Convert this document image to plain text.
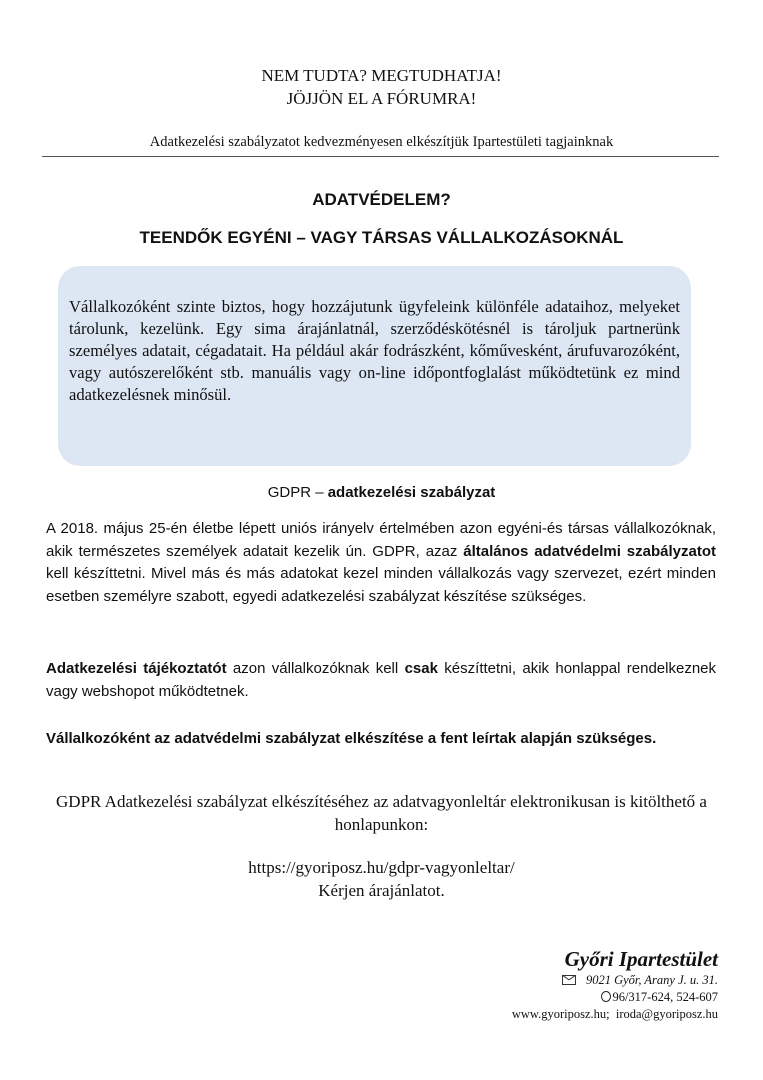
NEM TUDTA? MEGTUDHATJA!
JÖJJÖN EL A FÓRUMRA!
Adatkezelési szabályzatot kedvezményesen elkészítjük Ipartestületi tagjainknak
ADATVÉDELEM?
TEENDŐK EGYÉNI – VAGY TÁRSAS VÁLLALKOZÁSOKNÁL

Vállalkozóként szinte biztos, hogy hozzájutunk ügyfeleink különféle adataihoz, melyeket tárolunk, kezelünk. Egy sima árajánlatnál, szerződéskötésnél is tároljuk partnerünk személyes adatait, cégadatait. Ha például akár fodrászként, kőművesként, árufuvarozóként, vagy autószerelőként stb. manuális vagy on-line időpontfoglalást működtetünk ez mind adatkezelésnek minősül.

GDPR – adatkezelési szabályzat

A 2018. május 25-én életbe lépett uniós irányelv értelmében azon egyéni-és társas vállalkozóknak, akik természetes személyek adatait kezelik ún. GDPR, azaz általános adatvédelmi szabályzatot kell készíttetni. Mivel más és más adatokat kezel minden vállalkozás vagy szervezet, ezért minden esetben személyre szabott, egyedi adatkezelési szabályzat készítése szükséges.

Adatkezelési tájékoztatót azon vállalkozóknak kell csak készíttetni, akik honlappal rendelkeznek vagy webshopot működtetnek.

Vállalkozóként az adatvédelmi szabályzat elkészítése a fent leírtak alapján szükséges.

GDPR Adatkezelési szabályzat elkészítéséhez az adatvagyonleltár elektronikusan is kitölthető a honlapunkon:

https://gyoriposz.hu/gdpr-vagyonleltar/
Kérjen árajánlatot.
Győri Ipartestület
9021 Győr, Arany J. u. 31.
96/317-624, 524-607
www.gyoriposz.hu; iroda@gyoriposz.hu
